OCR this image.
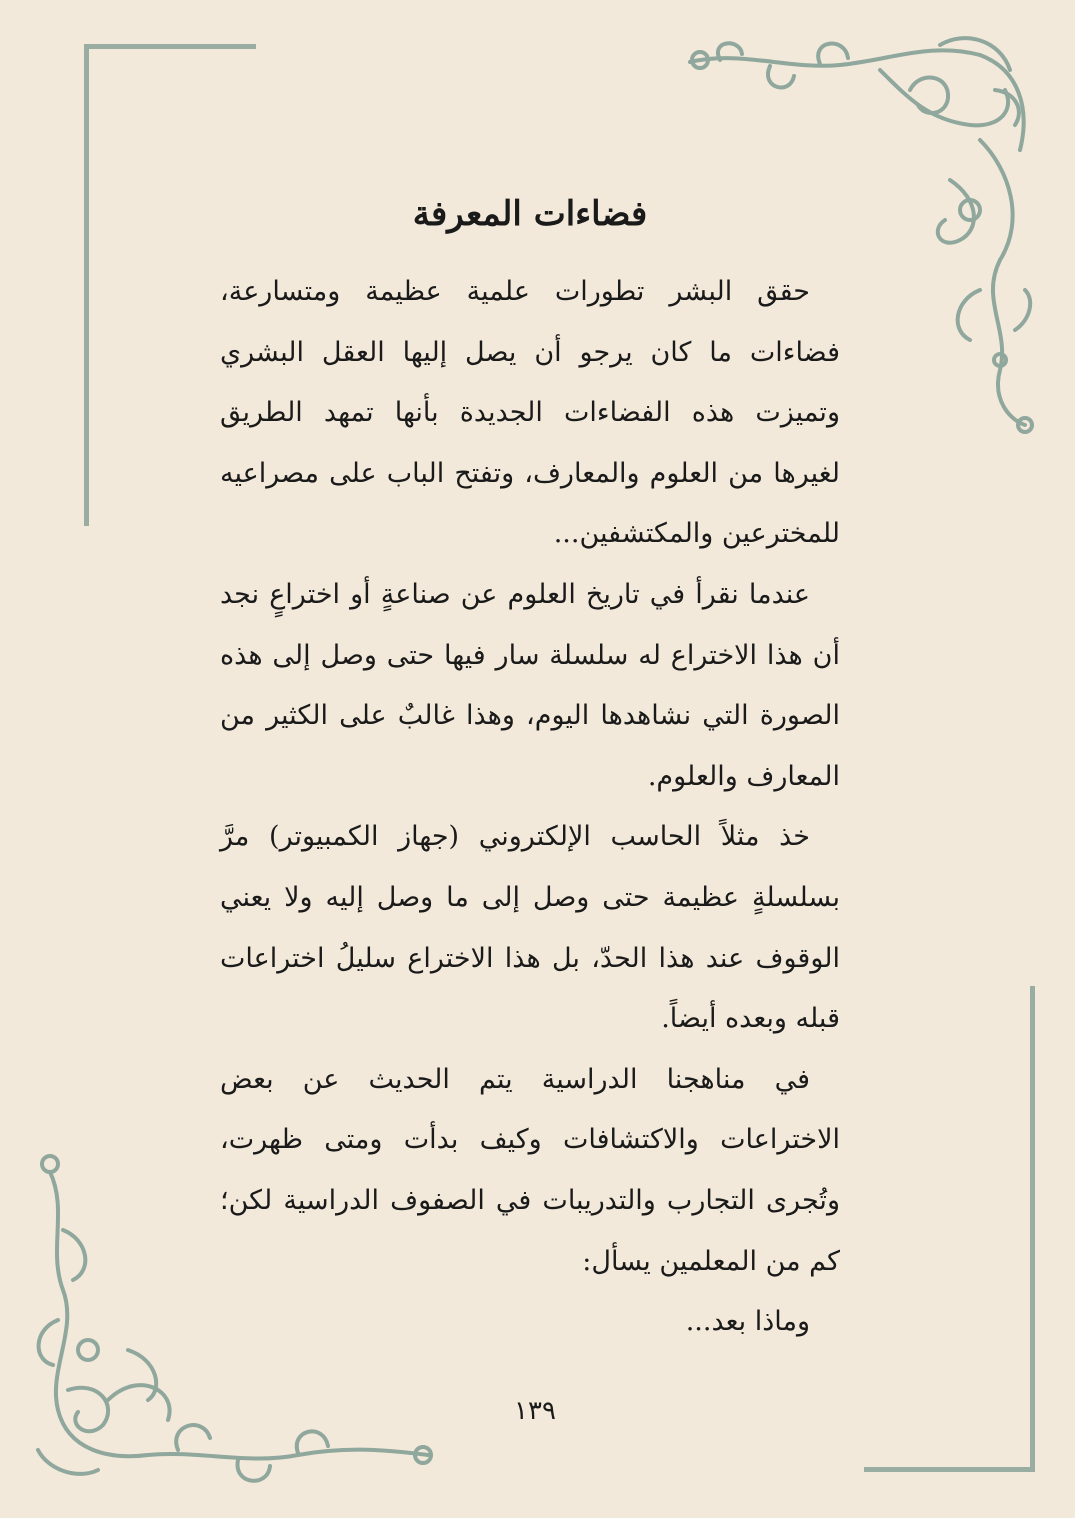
فضاءات المعرفة

حقق البشر تطورات علمية عظيمة ومتسارعة، فضاءات ما كان يرجو أن يصل إليها العقل البشري وتميزت هذه الفضاءات الجديدة بأنها تمهد الطريق لغيرها من العلوم والمعارف، وتفتح الباب على مصراعيه للمخترعين والمكتشفين...

عندما نقرأ في تاريخ العلوم عن صناعةٍ أو اختراعٍ نجد أن هذا الاختراع له سلسلة سار فيها حتى وصل إلى هذه الصورة التي نشاهدها اليوم، وهذا غالبٌ على الكثير من المعارف والعلوم.

خذ مثلاً الحاسب الإلكتروني (جهاز الكمبيوتر) مرَّ بسلسلةٍ عظيمة حتى وصل إلى ما وصل إليه ولا يعني الوقوف عند هذا الحدّ، بل هذا الاختراع سليلُ اختراعات قبله وبعده أيضاً.

في مناهجنا الدراسية يتم الحديث عن بعض الاختراعات والاكتشافات وكيف بدأت ومتى ظهرت، وتُجرى التجارب والتدريبات في الصفوف الدراسية لكن؛ كم من المعلمين يسأل:

وماذا بعد...

١٣٩
